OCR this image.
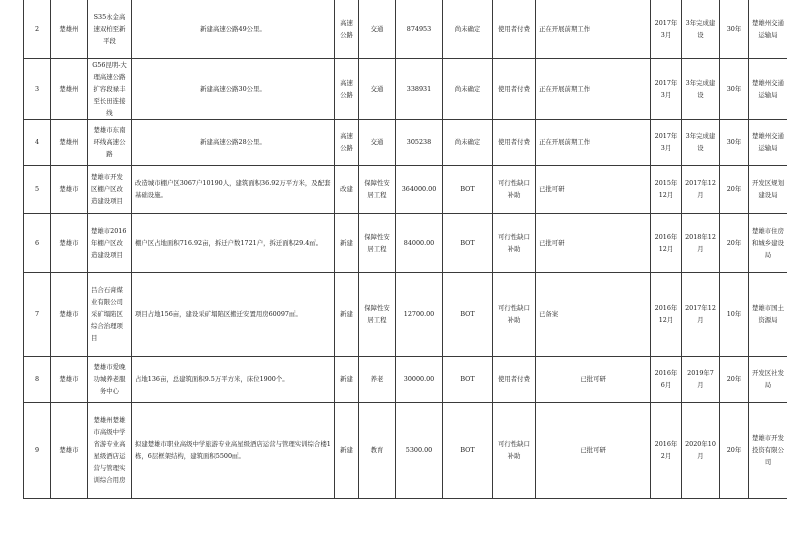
2	楚雄州	S35永金高速双柏至新平段	新建高速公路49公里。	高速公路	交通	874953	尚未确定	使用者付费	正在开展前期工作	2017年3月	3年完成建设	30年	楚雄州交通运输局
3	楚雄州	G56昆明-大理高速公路扩容段禄丰至长田连接线	新建高速公路30公里。	高速公路	交通	338931	尚未确定	使用者付费	正在开展前期工作	2017年3月	3年完成建设	30年	楚雄州交通运输局
4	楚雄州	楚雄市东南环线高速公路	新建高速公路28公里。	高速公路	交通	305238	尚未确定	使用者付费	正在开展前期工作	2017年3月	3年完成建设	30年	楚雄州交通运输局
5	楚雄市	楚雄市开发区棚户区改造建设项目	改造城市棚户区3067户10190人，建筑面积36.92万平方米，及配套基础设施。	改建	保障性安居工程	364000.00	BOT	可行性缺口补助	已批可研	2015年12月	2017年12月	20年	开发区规划建设局
6	楚雄市	楚雄市2016年棚户区改造建设项目	棚户区占地面积716.92亩，拆迁户数1721户，拆迁面积29.4㎡。	新建	保障性安居工程	84000.00	BOT	可行性缺口补助	已批可研	2016年12月	2018年12月	20年	楚雄市住房和城乡建设局
7	楚雄市	吕合石膏煤业有限公司采矿塌陷区综合治理项目	项目占地156亩，建设采矿塌陷区搬迁安置用房60097㎡。	新建	保障性安居工程	12700.00	BOT	可行性缺口补助	已备案	2016年12月	2017年12月	10年	楚雄市国土资源局
8	楚雄市	楚雄市爱晚功城养老服务中心	占地136亩，总建筑面积9.5万平方米，床位1900个。	新建	养老	30000.00	BOT	使用者付费	已批可研	2016年6月	2019年7月	20年	开发区社发局
9	楚雄市	楚雄州楚雄市高级中学省游专业高星级酒店运营与管理实训综合用房	拟建楚雄市职业高级中学旅游专业高星级酒店运营与管理实训综合楼1栋，6层框架结构，建筑面积5500㎡。	新建	教育	5300.00	BOT	可行性缺口补助	已批可研	2016年2月	2020年10月	20年	楚雄市开发投资有限公司
